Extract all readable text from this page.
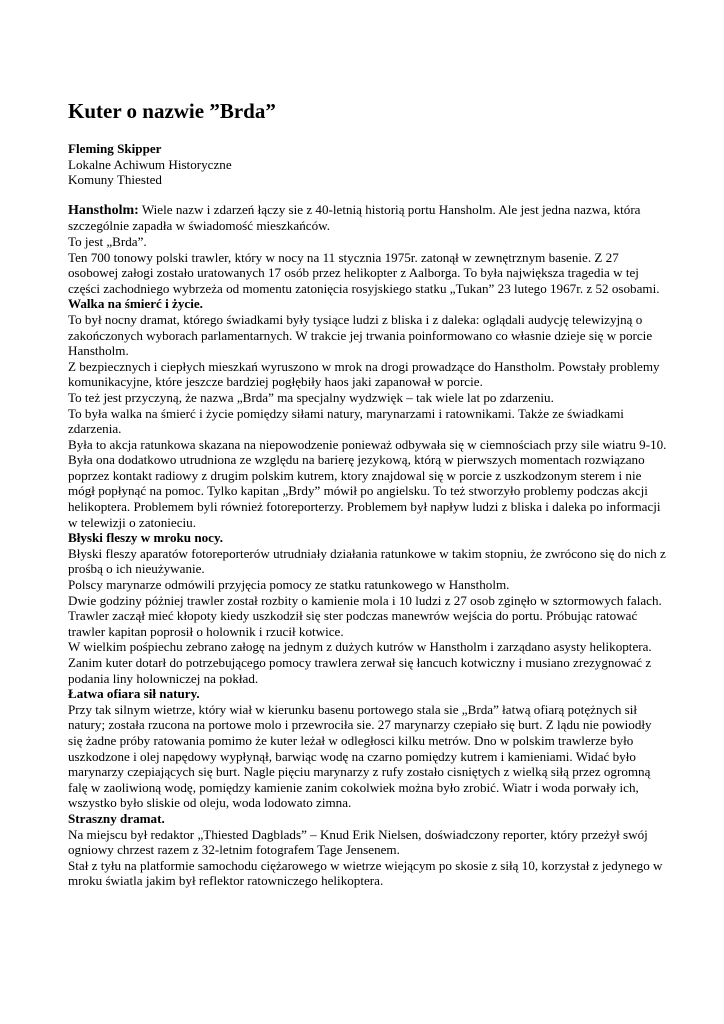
Kuter o nazwie ”Brda”
Fleming Skipper
Lokalne Achiwum Historyczne
Komuny Thiested

Hanstholm: Wiele nazw i zdarzeń łączy sie z 40-letnią historią portu Hansholm. Ale jest jedna nazwa, która szczególnie zapadła w świadomość mieszkańców.

To jest „Brda”.

Ten 700 tonowy polski trawler, który w nocy na 11 stycznia 1975r. zatonął w zewnętrznym basenie. Z 27 osobowej załogi zostało uratowanych 17 osób przez helikopter z Aalborga. To była największa tragedia w tej części zachodniego wybrzeża od momentu zatonięcia rosyjskiego statku „Tukan” 23 lutego 1967r. z 52 osobami.

Walka na śmierć i życie.

To był nocny dramat, którego świadkami były tysiące ludzi z bliska i z daleka: oglądali audycję telewizyjną o zakończonych wyborach parlamentarnych. W trakcie jej trwania poinformowano co własnie dzieje się w porcie Hanstholm.

Z bezpiecznych i ciepłych mieszkań wyruszono w mrok na drogi prowadzące do Hanstholm. Powstały problemy komunikacyjne, które jeszcze bardziej pogłębiły haos jaki zapanował w porcie.

To też jest przyczyną, że nazwa „Brda” ma specjalny wydzwięk – tak wiele lat po zdarzeniu.

To była walka na śmierć i życie pomiędzy siłami natury, marynarzami i ratownikami. Także ze świadkami zdarzenia.

Była to akcja ratunkowa skazana na niepowodzenie ponieważ odbywała się w ciemnościach przy sile wiatru 9-10. Była ona dodatkowo utrudniona ze względu na barierę jezykową, którą w pierwszych momentach rozwiązano poprzez kontakt radiowy z drugim polskim kutrem, ktory znajdowal się w porcie z uszkodzonym sterem i nie mógł popłynąć na pomoc. Tylko kapitan „Brdy” mówił po angielsku. To też stworzyło problemy podczas akcji helikoptera. Problemem byli również fotoreporterzy. Problemem był napływ ludzi z bliska i daleka po informacji w telewizji o zatonieciu.

Błyski fleszy w mroku nocy.

Błyski fleszy aparatów fotoreporterów utrudniały działania ratunkowe w takim stopniu, że zwrócono się do nich z prośbą o ich nieużywanie.

Polscy marynarze odmówili przyjęcia pomocy ze statku ratunkowego w Hanstholm.

Dwie godziny póżniej trawler został rozbity o kamienie mola i 10 ludzi z 27 osob zginęło w sztormowych falach.

Trawler zaczął mieć kłopoty kiedy uszkodził się ster podczas manewrów wejścia do portu. Próbując ratować trawler kapitan poprosił o holownik i rzucił kotwice.

W wielkim pośpiechu zebrano załogę na jednym z dużych kutrów w Hanstholm i zarządano asysty helikoptera. Zanim kuter dotarł do potrzebującego pomocy trawlera zerwał się łancuch kotwiczny i musiano zrezygnować z podania liny holowniczej na pokład.

Łatwa ofiara sił natury.

Przy tak silnym wietrze, który wiał w kierunku basenu portowego stala sie „Brda” łatwą ofiarą potężnych sił natury; została rzucona na portowe molo i przewrociła sie. 27 marynarzy czepiało się burt. Z lądu nie powiodły się żadne próby ratowania pomimo że kuter leżał w odległosci kilku metrów. Dno w polskim trawlerze było uszkodzone i olej napędowy wypłynął, barwiąc wodę na czarno pomiędzy kutrem i kamieniami. Widać było marynarzy czepiających się burt. Nagle pięciu marynarzy z rufy zostało cisniętych z wielką siłą przez ogromną falę w zaoliwioną wodę, pomiędzy kamienie zanim cokolwiek można było zrobić. Wiatr i woda porwały ich, wszystko było sliskie od oleju, woda lodowato zimna.

Straszny dramat.

Na miejscu był redaktor „Thiested Dagblads” – Knud Erik Nielsen, doświadczony reporter, który przeżył swój ogniowy chrzest razem z 32-letnim fotografem Tage Jensenem.

Stał z tyłu na platformie samochodu ciężarowego w wietrze wiejącym po skosie z siłą 10, korzystał z jedynego w mroku światla jakim był reflektor ratowniczego helikoptera.
